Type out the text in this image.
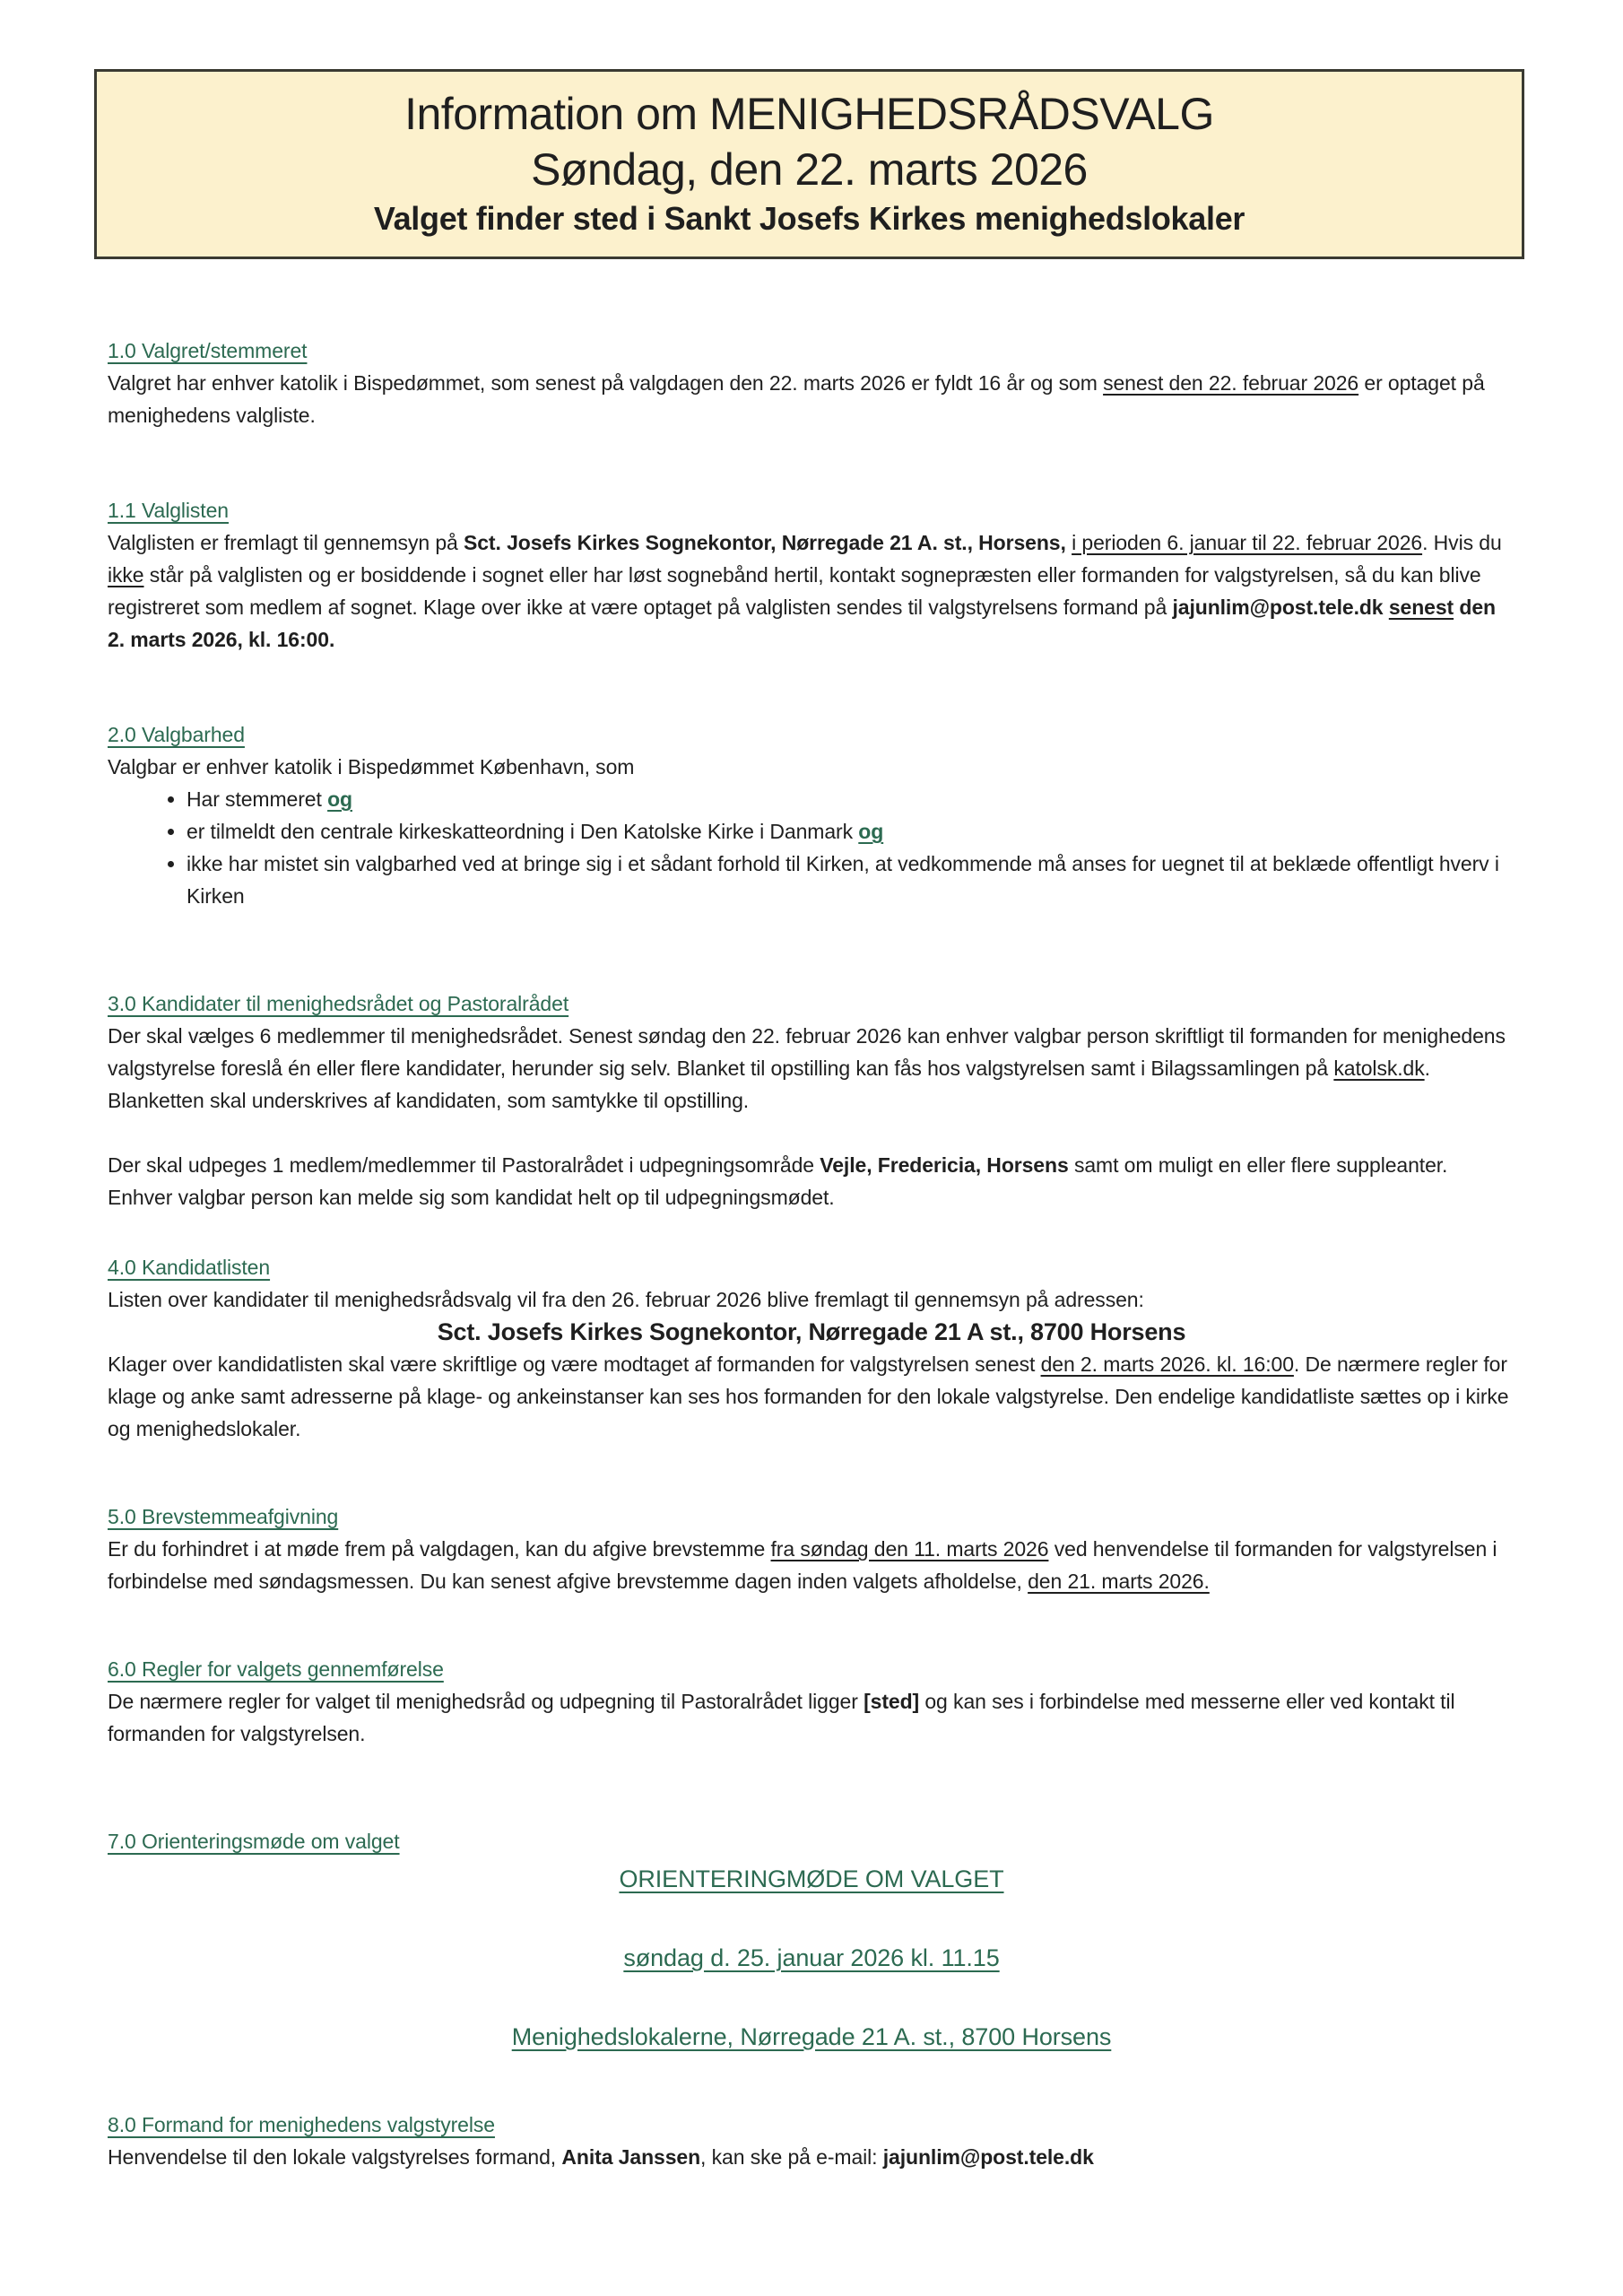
Information om MENIGHEDSRÅDSVALG
Søndag, den 22. marts 2026
Valget finder sted i Sankt Josefs Kirkes menighedslokaler
1.0 Valgret/stemmeret

Valgret har enhver katolik i Bispedømmet, som senest på valgdagen den 22. marts 2026 er fyldt 16 år og som senest den 22. februar 2026 er optaget på menighedens valgliste.

1.1 Valglisten

Valglisten er fremlagt til gennemsyn på Sct. Josefs Kirkes Sognekontor, Nørregade 21 A. st., Horsens, i perioden 6. januar til 22. februar 2026. Hvis du ikke står på valglisten og er bosiddende i sognet eller har løst sognebånd hertil, kontakt sognepræsten eller formanden for valgstyrelsen, så du kan blive registreret som medlem af sognet. Klage over ikke at være optaget på valglisten sendes til valgstyrelsens formand på jajunlim@post.tele.dk senest den 2. marts 2026, kl. 16:00.

2.0 Valgbarhed

Valgbar er enhver katolik i Bispedømmet København, som

• Har stemmeret og
• er tilmeldt den centrale kirkeskatteordning i Den Katolske Kirke i Danmark og
• ikke har mistet sin valgbarhed ved at bringe sig i et sådant forhold til Kirken, at vedkommende må anses for uegnet til at beklæde offentligt hverv i Kirken
3.0 Kandidater til menighedsrådet og Pastoralrådet

Der skal vælges 6 medlemmer til menighedsrådet. Senest søndag den 22. februar 2026 kan enhver valgbar person skriftligt til formanden for menighedens valgstyrelse foreslå én eller flere kandidater, herunder sig selv. Blanket til opstilling kan fås hos valgstyrelsen samt i Bilagssamlingen på katolsk.dk. Blanketten skal underskrives af kandidaten, som samtykke til opstilling.

Der skal udpeges 1 medlem/medlemmer til Pastoralrådet i udpegningsområde Vejle, Fredericia, Horsens samt om muligt en eller flere suppleanter. Enhver valgbar person kan melde sig som kandidat helt op til udpegningsmødet.

4.0 Kandidatlisten

Listen over kandidater til menighedsrådsvalg vil fra den 26. februar 2026 blive fremlagt til gennemsyn på adressen:

Sct. Josefs Kirkes Sognekontor, Nørregade 21 A st., 8700 Horsens

Klager over kandidatlisten skal være skriftlige og være modtaget af formanden for valgstyrelsen senest den 2. marts 2026. kl. 16:00. De nærmere regler for klage og anke samt adresserne på klage- og ankeinstanser kan ses hos formanden for den lokale valgstyrelse. Den endelige kandidatliste sættes op i kirke og menighedslokaler.

5.0 Brevstemmeafgivning

Er du forhindret i at møde frem på valgdagen, kan du afgive brevstemme fra søndag den 11. marts 2026 ved henvendelse til formanden for valgstyrelsen i forbindelse med søndagsmessen. Du kan senest afgive brevstemme dagen inden valgets afholdelse, den 21. marts 2026.

6.0 Regler for valgets gennemførelse

De nærmere regler for valget til menighedsråd og udpegning til Pastoralrådet ligger [sted] og kan ses i forbindelse med messerne eller ved kontakt til formanden for valgstyrelsen.

7.0 Orienteringsmøde om valget

ORIENTERINGMØDE OM VALGET

søndag d. 25. januar 2026 kl. 11.15

Menighedslokalerne, Nørregade 21 A. st., 8700 Horsens

8.0 Formand for menighedens valgstyrelse

Henvendelse til den lokale valgstyrelses formand, Anita Janssen, kan ske på e-mail: jajunlim@post.tele.dk
